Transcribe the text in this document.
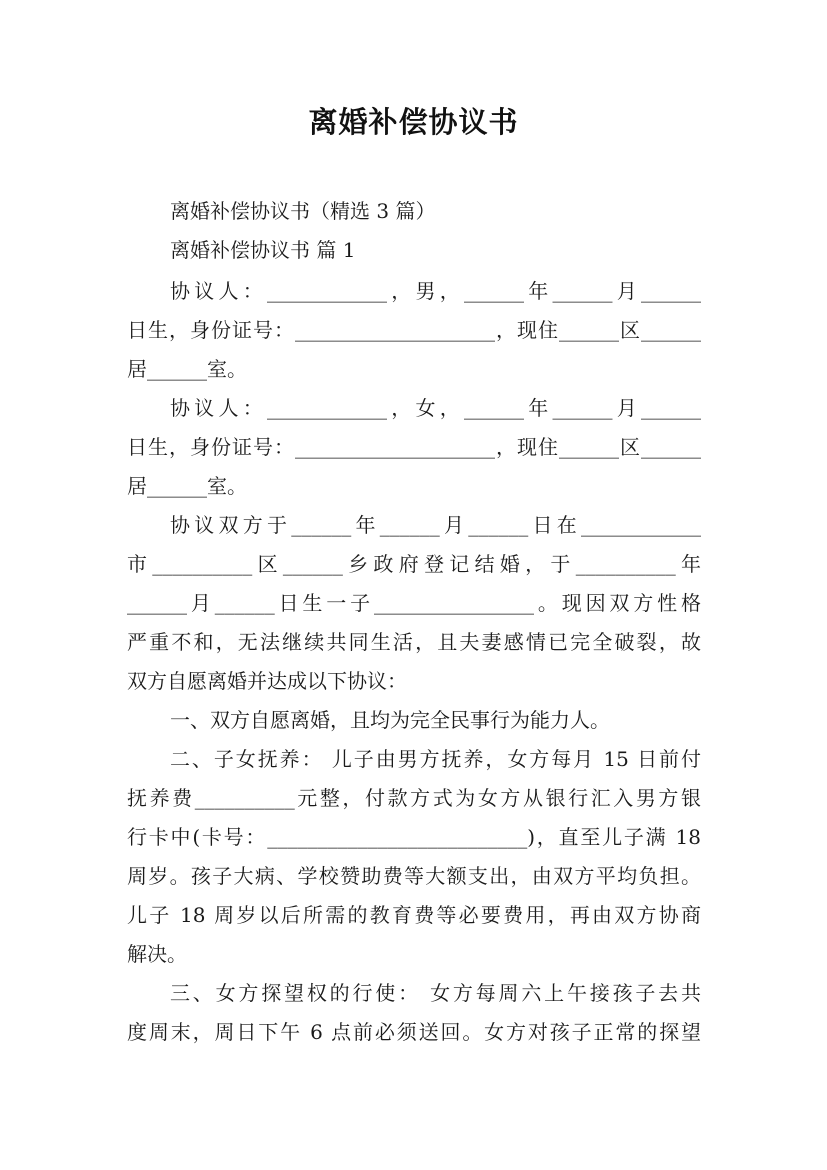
离婚补偿协议书
离婚补偿协议书（精选 3 篇）
离婚补偿协议书 篇 1
协议人：____________，男，______年______月______
日生，身份证号：____________________，现住______区______
居______室。
协议人：____________，女，______年______月______
日生，身份证号：____________________，现住______区______
居______室。
协议双方于______年______月______日在____________
市__________区______乡政府登记结婚，于__________年
______月______日生一子________________。现因双方性格
严重不和，无法继续共同生活，且夫妻感情已完全破裂，故
双方自愿离婚并达成以下协议：
一、双方自愿离婚，且均为完全民事行为能力人。
二、子女抚养： 儿子由男方抚养，女方每月 15 日前付
抚养费__________元整，付款方式为女方从银行汇入男方银
行卡中(卡号：__________________________)，直至儿子满 18
周岁。孩子大病、学校赞助费等大额支出，由双方平均负担。
儿子 18 周岁以后所需的教育费等必要费用，再由双方协商
解决。
三、女方探望权的行使： 女方每周六上午接孩子去共
度周末，周日下午 6 点前必须送回。女方对孩子正常的探望
